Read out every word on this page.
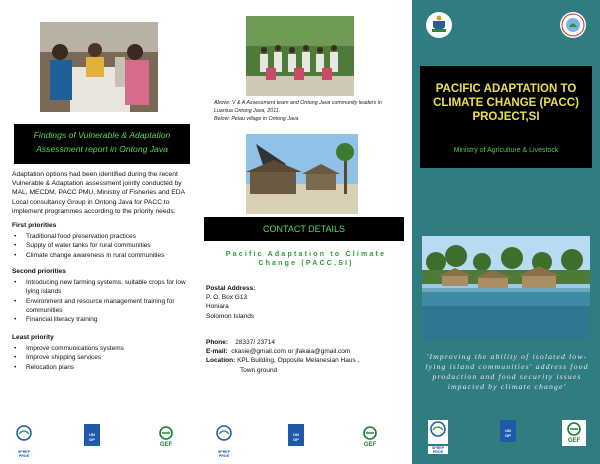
Findings of Vulnerable & Adaptation
Assessment report in Ontong Java
Adaptation options had been identified during the recent Vulnerable & Adaptation assessment jointly conducted by MAL, MECDM, PACC PMU, Ministry of Fisheries and EDA Local consultancy Group in Ontong Java for PACC to implement programmes according to the priority needs:
First priorities
• Traditional food preservation practices
• Supply of water tanks for rural communities
• Climate change awareness in rural communities
Second priorities
• Introducing new farming systems, suitable crops for low lying islands
• Environment and resource management training for communities
• Financial literacy training
Least priority
• Improve communications systems
• Improve shipping services
• Relocation plans
SPREP PROE
UN
DP
GEF
Above: V & A Assessment team and Ontong Java community leaders in
Luaniua Ontong Java, 2011.
Below: Pelau village in Ontong Java
CONTACT DETAILS
Pacific Adaptation to Climate
Change (PACC,SI)
Postal Address:
P. O. Box G13
Honiara
Solomon Islands
Phone: 28337/ 23714
E-mail: ckasie@gmail.com or jfakaia@gmail.com
Location: KPL Building, Opposite Melanesian Haus ,
Town ground
SPREP PROE
UN
DP
GEF
PACIFIC ADAPTATION TO
CLIMATE CHANGE (PACC)
PROJECT,SI
Ministry of Agriculture & Livestock
'Improving the ability of isolated low-lying island communities' address food production and food security issues impacted by climate change'
SPREP PROE
UN
DP
GEF
